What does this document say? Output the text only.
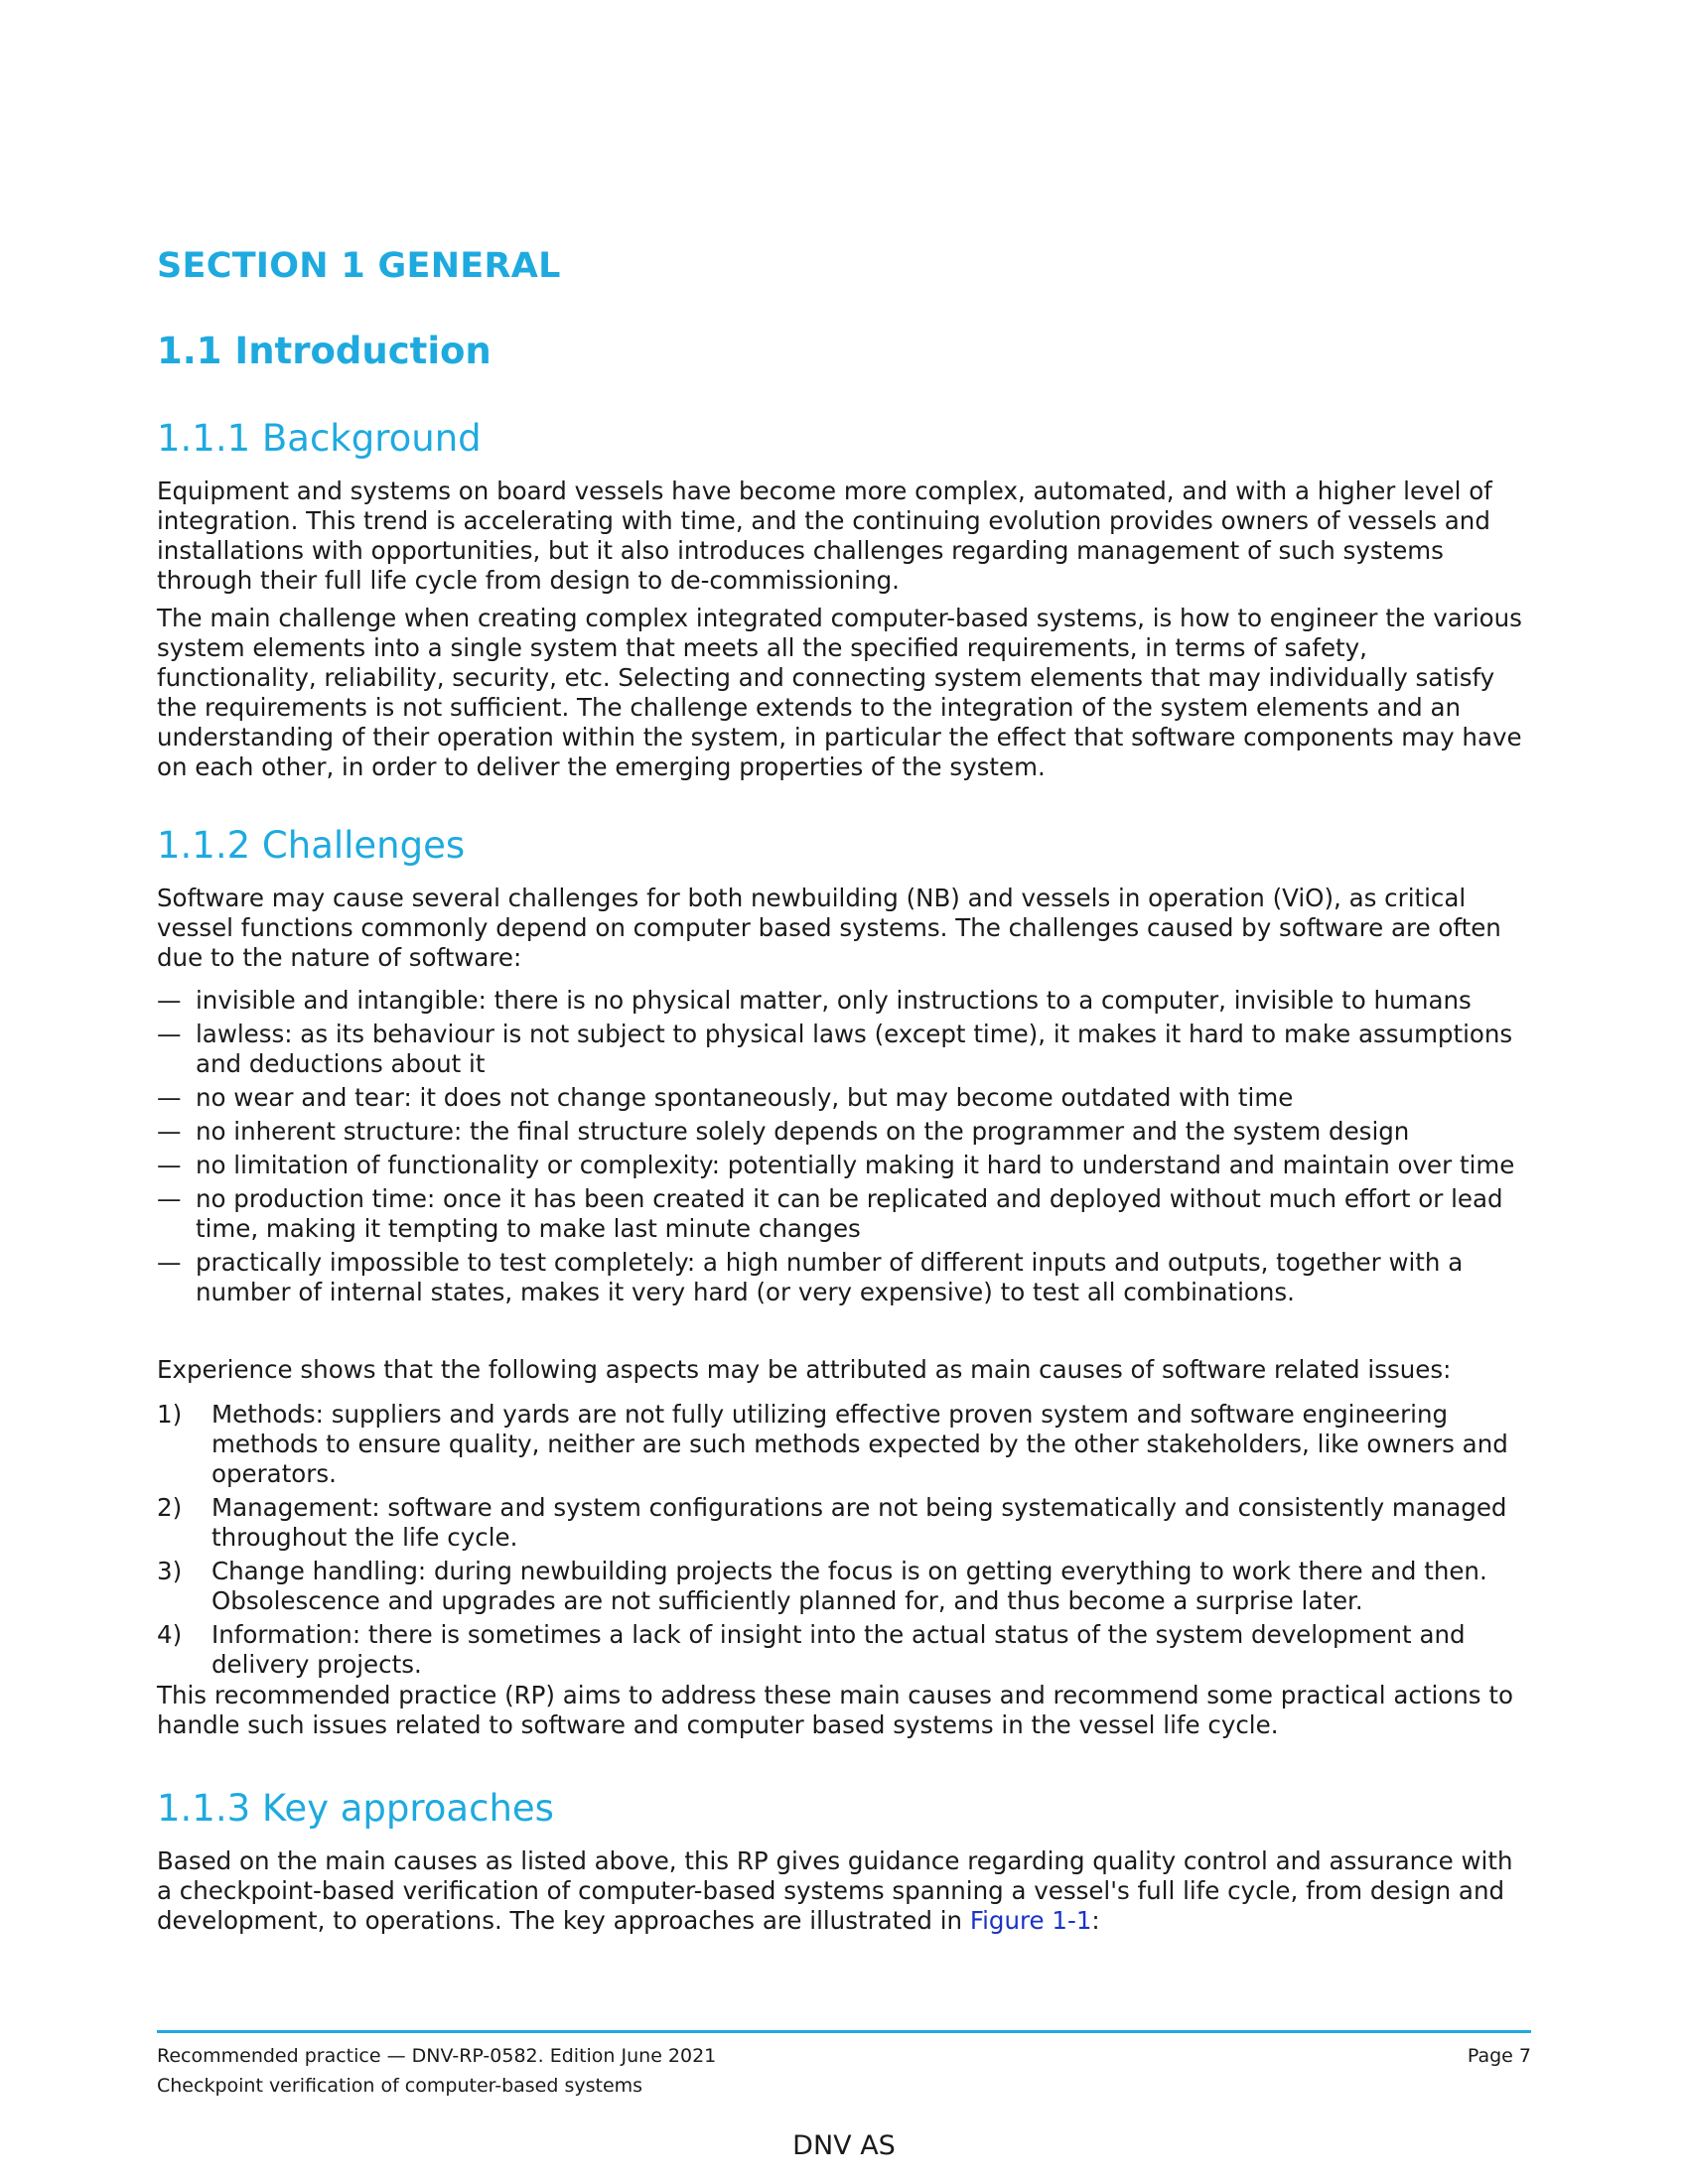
SECTION 1 GENERAL
1.1 Introduction
1.1.1 Background

Equipment and systems on board vessels have become more complex, automated, and with a higher level of integration. This trend is accelerating with time, and the continuing evolution provides owners of vessels and installations with opportunities, but it also introduces challenges regarding management of such systems through their full life cycle from design to de-commissioning.

The main challenge when creating complex integrated computer-based systems, is how to engineer the various system elements into a single system that meets all the specified requirements, in terms of safety, functionality, reliability, security, etc. Selecting and connecting system elements that may individually satisfy the requirements is not sufficient. The challenge extends to the integration of the system elements and an understanding of their operation within the system, in particular the effect that software components may have on each other, in order to deliver the emerging properties of the system.

1.1.2 Challenges

Software may cause several challenges for both newbuilding (NB) and vessels in operation (ViO), as critical vessel functions commonly depend on computer based systems. The challenges caused by software are often due to the nature of software:

— invisible and intangible: there is no physical matter, only instructions to a computer, invisible to humans
— lawless: as its behaviour is not subject to physical laws (except time), it makes it hard to make assumptions and deductions about it
— no wear and tear: it does not change spontaneously, but may become outdated with time
— no inherent structure: the final structure solely depends on the programmer and the system design
— no limitation of functionality or complexity: potentially making it hard to understand and maintain over time
— no production time: once it has been created it can be replicated and deployed without much effort or lead time, making it tempting to make last minute changes
— practically impossible to test completely: a high number of different inputs and outputs, together with a number of internal states, makes it very hard (or very expensive) to test all combinations.

Experience shows that the following aspects may be attributed as main causes of software related issues:

1) Methods: suppliers and yards are not fully utilizing effective proven system and software engineering methods to ensure quality, neither are such methods expected by the other stakeholders, like owners and operators.
2) Management: software and system configurations are not being systematically and consistently managed throughout the life cycle.
3) Change handling: during newbuilding projects the focus is on getting everything to work there and then. Obsolescence and upgrades are not sufficiently planned for, and thus become a surprise later.
4) Information: there is sometimes a lack of insight into the actual status of the system development and delivery projects.

This recommended practice (RP) aims to address these main causes and recommend some practical actions to handle such issues related to software and computer based systems in the vessel life cycle.

1.1.3 Key approaches

Based on the main causes as listed above, this RP gives guidance regarding quality control and assurance with a checkpoint-based verification of computer-based systems spanning a vessel's full life cycle, from design and development, to operations. The key approaches are illustrated in Figure 1-1:

Recommended practice — DNV-RP-0582. Edition June 2021	Page 7
Checkpoint verification of computer-based systems
DNV AS
